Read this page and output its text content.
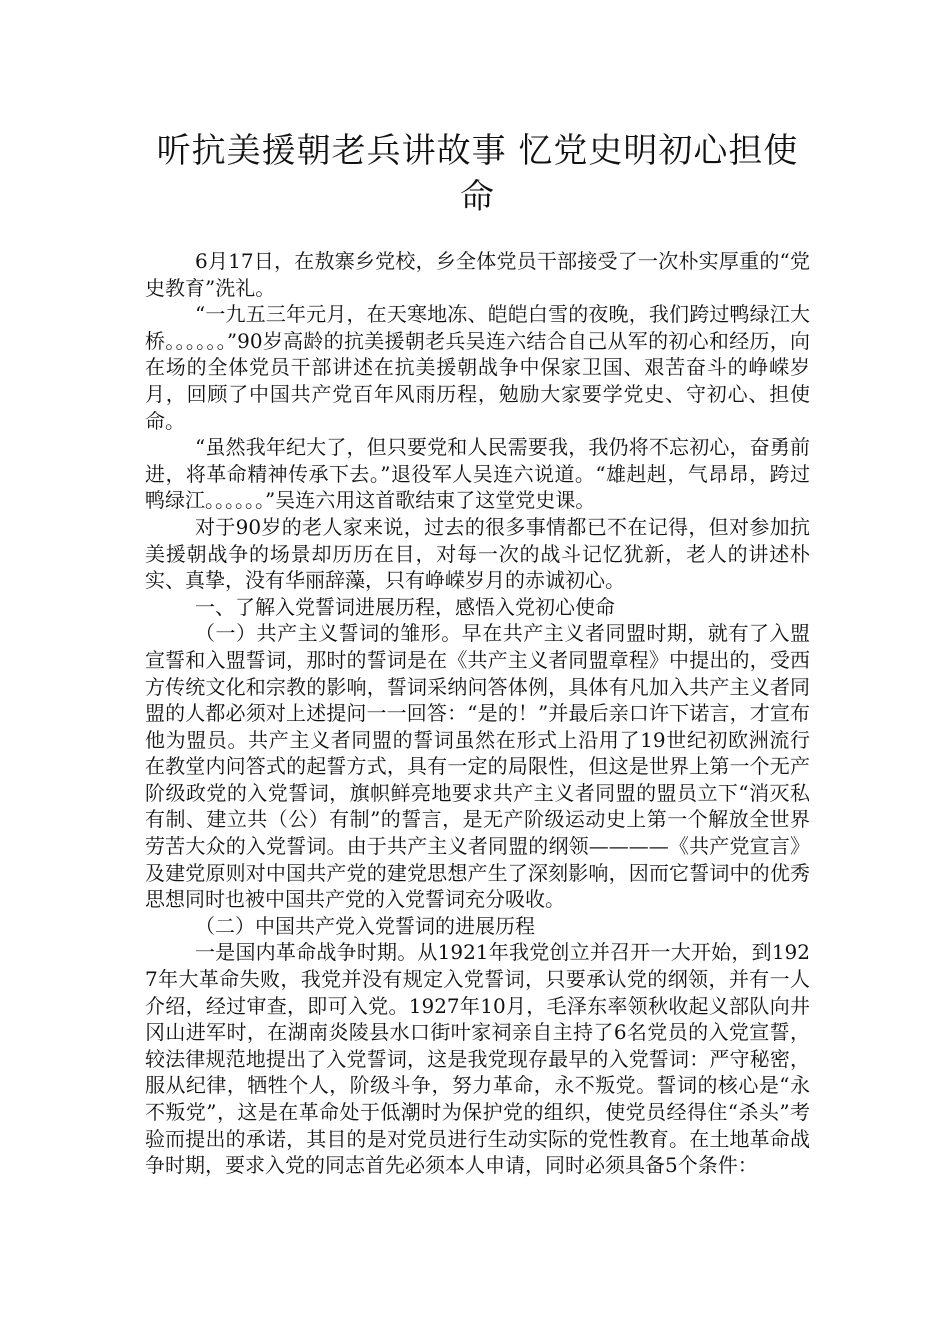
听抗美援朝老兵讲故事 忆党史明初心担使命

6月17日，在敖寨乡党校，乡全体党员干部接受了一次朴实厚重的“党史教育”洗礼。

“一九五三年元月，在天寒地冻、皑皑白雪的夜晚，我们跨过鸭绿江大桥。。。。。。”90岁高龄的抗美援朝老兵吴连六结合自己从军的初心和经历，向在场的全体党员干部讲述在抗美援朝战争中保家卫国、艰苦奋斗的峥嵘岁月，回顾了中国共产党百年风雨历程，勉励大家要学党史、守初心、担使命。

“虽然我年纪大了，但只要党和人民需要我，我仍将不忘初心，奋勇前进，将革命精神传承下去。”退役军人吴连六说道。“雄赳赳，气昂昂，跨过鸭绿江。。。。。。”吴连六用这首歌结束了这堂党史课。

对于90岁的老人家来说，过去的很多事情都已不在记得，但对参加抗美援朝战争的场景却历历在目，对每一次的战斗记忆犹新，老人的讲述朴实、真挚，没有华丽辞藻，只有峥嵘岁月的赤诚初心。

一、了解入党誓词进展历程，感悟入党初心使命

（一）共产主义誓词的雏形。早在共产主义者同盟时期，就有了入盟宣誓和入盟誓词，那时的誓词是在《共产主义者同盟章程》中提出的，受西方传统文化和宗教的影响，誓词采纳问答体例，具体有凡加入共产主义者同盟的人都必须对上述提问一一回答：“是的！”并最后亲口许下诺言，才宣布他为盟员。共产主义者同盟的誓词虽然在形式上沿用了19世纪初欧洲流行在教堂内问答式的起誓方式，具有一定的局限性，但这是世界上第一个无产阶级政党的入党誓词，旗帜鲜亮地要求共产主义者同盟的盟员立下“消灭私有制、建立共（公）有制”的誓言，是无产阶级运动史上第一个解放全世界劳苦大众的入党誓词。由于共产主义者同盟的纲领————《共产党宣言》及建党原则对中国共产党的建党思想产生了深刻影响，因而它誓词中的优秀思想同时也被中国共产党的入党誓词充分吸收。

（二）中国共产党入党誓词的进展历程

一是国内革命战争时期。从1921年我党创立并召开一大开始，到1927年大革命失败，我党并没有规定入党誓词，只要承认党的纲领，并有一人介绍，经过审查，即可入党。1927年10月，毛泽东率领秋收起义部队向井冈山进军时，在湖南炎陵县水口街叶家祠亲自主持了6名党员的入党宣誓，较法律规范地提出了入党誓词，这是我党现存最早的入党誓词：严守秘密，服从纪律，牺牲个人，阶级斗争，努力革命，永不叛党。誓词的核心是“永不叛党”，这是在革命处于低潮时为保护党的组织，使党员经得住“杀头”考验而提出的承诺，其目的是对党员进行生动实际的党性教育。在土地革命战争时期，要求入党的同志首先必须本人申请，同时必须具备5个条件：
